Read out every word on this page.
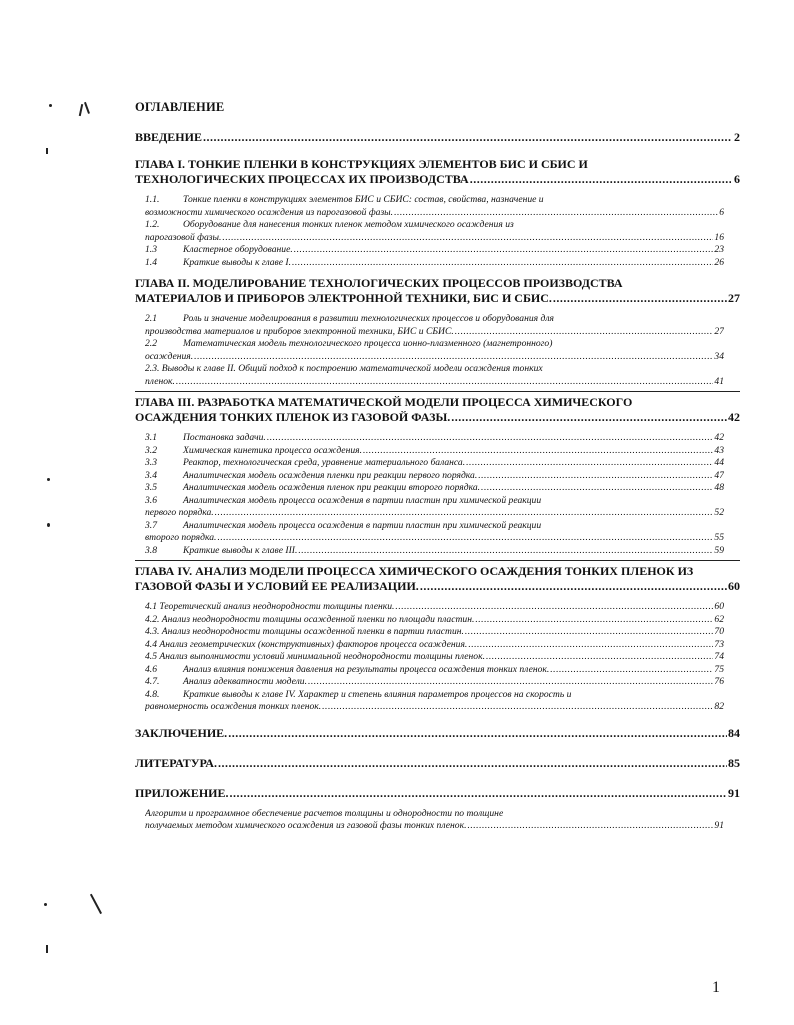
ОГЛАВЛЕНИЕ
ВВЕДЕНИЕ .....	2
ГЛАВА I. ТОНКИЕ ПЛЕНКИ В КОНСТРУКЦИЯХ ЭЛЕМЕНТОВ БИС И СБИС И
ТЕХНОЛОГИЧЕСКИХ ПРОЦЕССАХ ИХ ПРОИЗВОДСТВА .....	6
1.1. Тонкие пленки в конструкциях элементов БИС и СБИС: состав, свойства, назначение и
возможности химического осаждения из парогазовой фазы. .....	6
1.2. Оборудование для нанесения тонких пленок методом химического осаждения из
парогазовой фазы. .....	16
1.3	Кластерное оборудование. .....	23
1.4	Краткие выводы к главе I. .....	26
ГЛАВА II. МОДЕЛИРОВАНИЕ ТЕХНОЛОГИЧЕСКИХ ПРОЦЕССОВ ПРОИЗВОДСТВА
МАТЕРИАЛОВ И ПРИБОРОВ ЭЛЕКТРОННОЙ ТЕХНИКИ, БИС И СБИС. .....	27
2.1	Роль и значение моделирования в развитии технологических процессов и оборудования для
производства материалов и приборов электронной техники, БИС и СБИС. .....	27
2.2	Математическая модель технологического процесса ионно-плазменного (магнетронного)
осаждения. .....	34
2.3. Выводы к главе II. Общий подход к построению математической модели осаждения тонких
пленок. .....	41
ГЛАВА III. РАЗРАБОТКА МАТЕМАТИЧЕСКОЙ МОДЕЛИ ПРОЦЕССА ХИМИЧЕСКОГО
ОСАЖДЕНИЯ ТОНКИХ ПЛЕНОК ИЗ ГАЗОВОЙ ФАЗЫ. .....	42
3.1	Постановка задачи. .....	42
3.2	Химическая кинетика процесса осаждения. .....	43
3.3	Реактор, технологическая среда, уравнение материального баланса. .....	44
3.4	Аналитическая модель осаждения пленки при реакции первого порядка. .....	47
3.5	Аналитическая модель осаждения пленок при реакции второго порядка. .....	48
3.6	Аналитическая модель процесса осаждения в партии пластин при химической реакции
первого порядка. .....	52
3.7	Аналитическая модель процесса осаждения в партии пластин при химической реакции
второго порядка. .....	55
3.8	Краткие выводы к главе III. .....	59
ГЛАВА IV. АНАЛИЗ МОДЕЛИ ПРОЦЕССА ХИМИЧЕСКОГО ОСАЖДЕНИЯ ТОНКИХ ПЛЕНОК ИЗ
ГАЗОВОЙ ФАЗЫ И УСЛОВИЙ ЕЕ РЕАЛИЗАЦИИ. .....	60
4.1 Теоретический анализ неоднородности толщины пленки. .....	60
4.2. Анализ неоднородности толщины осажденной пленки по площади пластин. .....	62
4.3. Анализ неоднородности толщины осажденной пленки в партии пластин. .....	70
4.4 Анализ геометрических (конструктивных) факторов процесса осаждения. .....	73
4.5 Анализ выполнимости условий минимальной неоднородности толщины пленок. .....	74
4.6	Анализ влияния понижения давления на результаты процесса осаждения тонких пленок. .....	75
4.7. Анализ адекватности модели. .....	76
4.8. Краткие выводы к главе IV. Характер и степень влияния параметров процессов на скорость и
равномерность осаждения тонких пленок. .....	82
ЗАКЛЮЧЕНИЕ. .....	84
ЛИТЕРАТУРА. .....	85
ПРИЛОЖЕНИЕ. .....	91
Алгоритм и программное обеспечение расчетов толщины и однородности по толщине
получаемых методом химического осаждения из газовой фазы тонких пленок. .....	91
1
